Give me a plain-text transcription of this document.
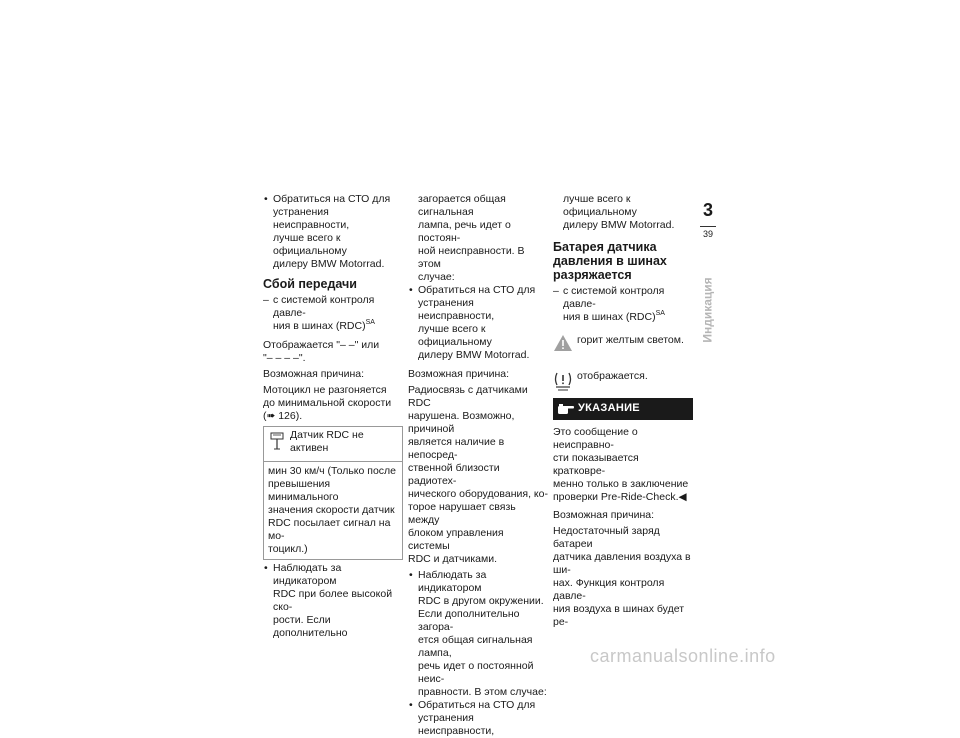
• Обратиться на СТО для
устранения неисправности,
лучше всего к официальному
дилеру BMW Motorrad.
Сбой передачи
– с системой контроля давле-
ния в шинах (RDC)$^{SA}$

Отображается "– –" или
"– – – –".

Возможная причина:

Мотоцикл не разгоняется
до минимальной скорости
(➠ 126).

Датчик RDC не активен
мин 30 км/ч (Только после
превышения минимального
значения скорости датчик
RDC посылает сигнал на мо-
тоцикл.)
• Наблюдать за индикатором
RDC при более высокой ско-
рости. Если дополнительно
загорается общая сигнальная
лампа, речь идет о постоян-
ной неисправности. В этом
случае:
• Обратиться на СТО для
устранения неисправности,
лучше всего к официальному
дилеру BMW Motorrad.

Возможная причина:

Радиосвязь с датчиками RDC
нарушена. Возможно, причиной
является наличие в непосред-
ственной близости радиотех-
нического оборудования, ко-
торое нарушает связь между
блоком управления системы
RDC и датчиками.

• Наблюдать за индикатором
RDC в другом окружении.
Если дополнительно загора-
ется общая сигнальная лампа,
речь идет о постоянной неис-
правности. В этом случае:
• Обратиться на СТО для
устранения неисправности,
лучше всего к официальному
дилеру BMW Motorrad.
Батарея датчика
давления в шинах
разряжается
– с системой контроля давле-
ния в шинах (RDC)$^{SA}$
горит желтым светом.
отображается.
УКАЗАНИЕ

Это сообщение о неисправно-
сти показывается кратковре-
менно только в заключение
проверки Pre-Ride-Check.◀

Возможная причина:

Недостаточный заряд батареи
датчика давления воздуха в ши-
нах. Функция контроля давле-
ния воздуха в шинах будет ре-

3
39
Индикация
carmanualsonline.info
